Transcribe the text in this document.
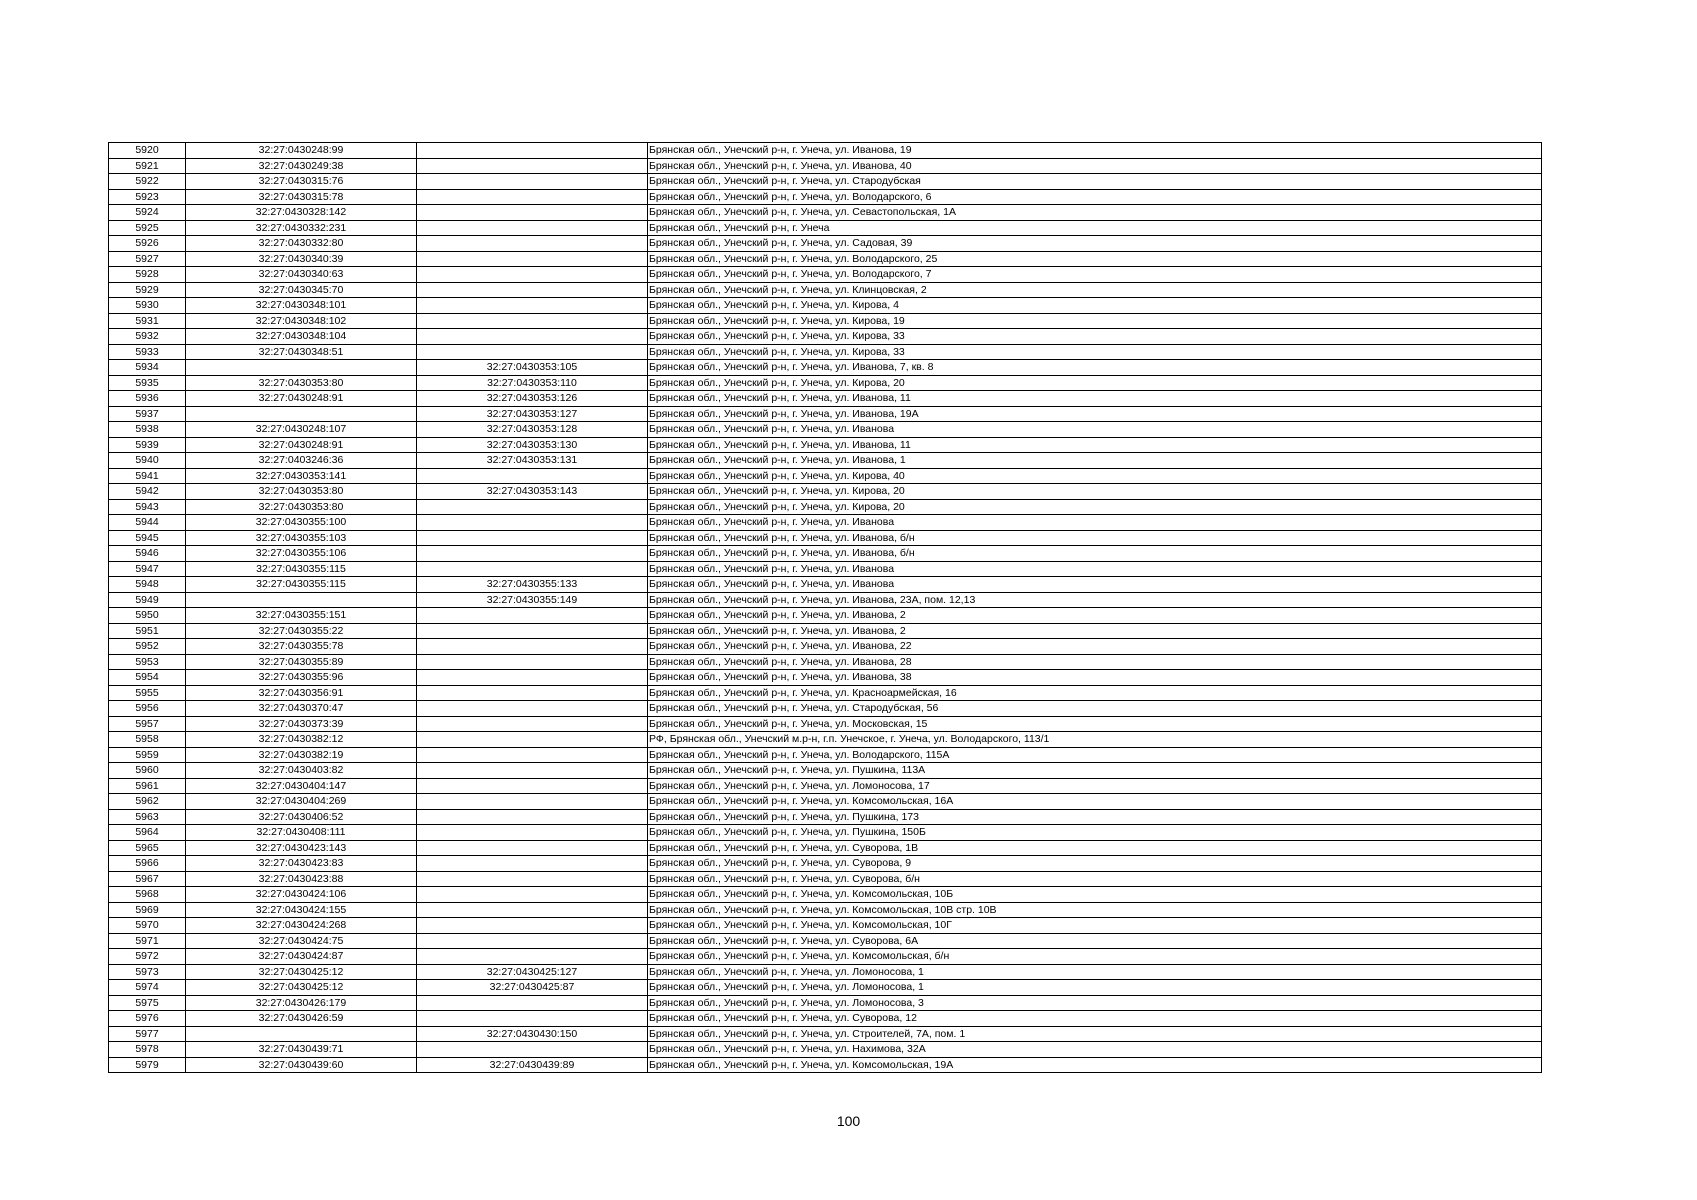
5920	32:27:0430248:99		Брянская обл., Унечский р-н, г. Унеча, ул. Иванова, 19
5921	32:27:0430249:38		Брянская обл., Унечский р-н, г. Унеча, ул. Иванова, 40
5922	32:27:0430315:76		Брянская обл., Унечский р-н, г. Унеча, ул. Стародубская
5923	32:27:0430315:78		Брянская обл., Унечский р-н, г. Унеча, ул. Володарского, 6
5924	32:27:0430328:142		Брянская обл., Унечский р-н, г. Унеча, ул. Севастопольская, 1А
5925	32:27:0430332:231		Брянская обл., Унечский р-н, г. Унеча
5926	32:27:0430332:80		Брянская обл., Унечский р-н, г. Унеча, ул. Садовая, 39
5927	32:27:0430340:39		Брянская обл., Унечский р-н, г. Унеча, ул. Володарского, 25
5928	32:27:0430340:63		Брянская обл., Унечский р-н, г. Унеча, ул. Володарского, 7
5929	32:27:0430345:70		Брянская обл., Унечский р-н, г. Унеча, ул. Клинцовская, 2
5930	32:27:0430348:101		Брянская обл., Унечский р-н, г. Унеча, ул. Кирова, 4
5931	32:27:0430348:102		Брянская обл., Унечский р-н, г. Унеча, ул. Кирова, 19
5932	32:27:0430348:104		Брянская обл., Унечский р-н, г. Унеча, ул. Кирова, 33
5933	32:27:0430348:51		Брянская обл., Унечский р-н, г. Унеча, ул. Кирова, 33
5934		32:27:0430353:105	Брянская обл., Унечский р-н, г. Унеча, ул. Иванова, 7, кв. 8
5935	32:27:0430353:80	32:27:0430353:110	Брянская обл., Унечский р-н, г. Унеча, ул. Кирова, 20
5936	32:27:0430248:91	32:27:0430353:126	Брянская обл., Унечский р-н, г. Унеча, ул. Иванова, 11
5937		32:27:0430353:127	Брянская обл., Унечский р-н, г. Унеча, ул. Иванова, 19А
5938	32:27:0430248:107	32:27:0430353:128	Брянская обл., Унечский р-н, г. Унеча, ул. Иванова
5939	32:27:0430248:91	32:27:0430353:130	Брянская обл., Унечский р-н, г. Унеча, ул. Иванова, 11
5940	32:27:0403246:36	32:27:0430353:131	Брянская обл., Унечский р-н, г. Унеча, ул. Иванова, 1
5941	32:27:0430353:141		Брянская обл., Унечский р-н, г. Унеча, ул. Кирова, 40
5942	32:27:0430353:80	32:27:0430353:143	Брянская обл., Унечский р-н, г. Унеча, ул. Кирова, 20
5943	32:27:0430353:80		Брянская обл., Унечский р-н, г. Унеча, ул. Кирова, 20
5944	32:27:0430355:100		Брянская обл., Унечский р-н, г. Унеча, ул. Иванова
5945	32:27:0430355:103		Брянская обл., Унечский р-н, г. Унеча, ул. Иванова, б/н
5946	32:27:0430355:106		Брянская обл., Унечский р-н, г. Унеча, ул. Иванова, б/н
5947	32:27:0430355:115		Брянская обл., Унечский р-н, г. Унеча, ул. Иванова
5948	32:27:0430355:115	32:27:0430355:133	Брянская обл., Унечский р-н, г. Унеча, ул. Иванова
5949		32:27:0430355:149	Брянская обл., Унечский р-н, г. Унеча, ул. Иванова, 23А, пом. 12,13
5950	32:27:0430355:151		Брянская обл., Унечский р-н, г. Унеча, ул. Иванова, 2
5951	32:27:0430355:22		Брянская обл., Унечский р-н, г. Унеча, ул. Иванова, 2
5952	32:27:0430355:78		Брянская обл., Унечский р-н, г. Унеча, ул. Иванова, 22
5953	32:27:0430355:89		Брянская обл., Унечский р-н, г. Унеча, ул. Иванова, 28
5954	32:27:0430355:96		Брянская обл., Унечский р-н, г. Унеча, ул. Иванова, 38
5955	32:27:0430356:91		Брянская обл., Унечский р-н, г. Унеча, ул. Красноармейская, 16
5956	32:27:0430370:47		Брянская обл., Унечский р-н, г. Унеча, ул. Стародубская, 56
5957	32:27:0430373:39		Брянская обл., Унечский р-н, г. Унеча, ул. Московская, 15
5958	32:27:0430382:12		РФ, Брянская обл., Унечский м.р-н, г.п. Унечское, г. Унеча, ул. Володарского, 113/1
5959	32:27:0430382:19		Брянская обл., Унечский р-н, г. Унеча, ул. Володарского, 115А
5960	32:27:0430403:82		Брянская обл., Унечский р-н, г. Унеча, ул. Пушкина, 113А
5961	32:27:0430404:147		Брянская обл., Унечский р-н, г. Унеча, ул. Ломоносова, 17
5962	32:27:0430404:269		Брянская обл., Унечский р-н, г. Унеча, ул. Комсомольская, 16А
5963	32:27:0430406:52		Брянская обл., Унечский р-н, г. Унеча, ул. Пушкина, 173
5964	32:27:0430408:111		Брянская обл., Унечский р-н, г. Унеча, ул. Пушкина, 150Б
5965	32:27:0430423:143		Брянская обл., Унечский р-н, г. Унеча, ул. Суворова, 1В
5966	32:27:0430423:83		Брянская обл., Унечский р-н, г. Унеча, ул. Суворова, 9
5967	32:27:0430423:88		Брянская обл., Унечский р-н, г. Унеча, ул. Суворова, б/н
5968	32:27:0430424:106		Брянская обл., Унечский р-н, г. Унеча, ул. Комсомольская, 10Б
5969	32:27:0430424:155		Брянская обл., Унечский р-н, г. Унеча, ул. Комсомольская, 10В стр. 10В
5970	32:27:0430424:268		Брянская обл., Унечский р-н, г. Унеча, ул. Комсомольская, 10Г
5971	32:27:0430424:75		Брянская обл., Унечский р-н, г. Унеча, ул. Суворова, 6А
5972	32:27:0430424:87		Брянская обл., Унечский р-н, г. Унеча, ул. Комсомольская, б/н
5973	32:27:0430425:12	32:27:0430425:127	Брянская обл., Унечский р-н, г. Унеча, ул. Ломоносова, 1
5974	32:27:0430425:12	32:27:0430425:87	Брянская обл., Унечский р-н, г. Унеча, ул. Ломоносова, 1
5975	32:27:0430426:179		Брянская обл., Унечский р-н, г. Унеча, ул. Ломоносова, 3
5976	32:27:0430426:59		Брянская обл., Унечский р-н, г. Унеча, ул. Суворова, 12
5977		32:27:0430430:150	Брянская обл., Унечский р-н, г. Унеча, ул. Строителей, 7А, пом. 1
5978	32:27:0430439:71		Брянская обл., Унечский р-н, г. Унеча, ул. Нахимова, 32А
5979	32:27:0430439:60	32:27:0430439:89	Брянская обл., Унечский р-н, г. Унеча, ул. Комсомольская, 19А
100
